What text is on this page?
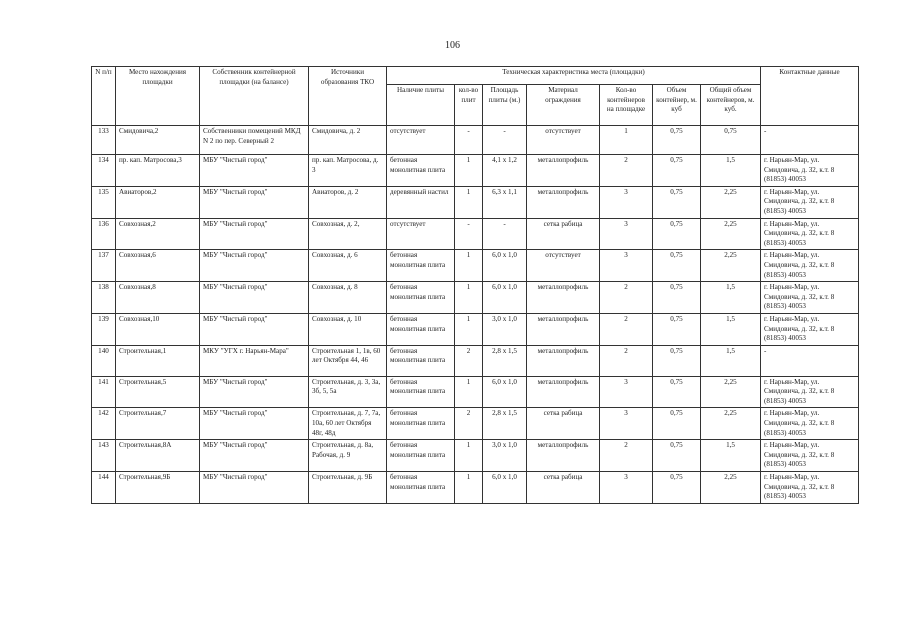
106
N п/п	Место нахождения площадки	Собственник контейнерной площадки (на балансе)	Источники образования ТКО	Техническая характеристика места (площадки)							Контактные данные
				Наличие плиты	кол-во плит	Площадь плиты (м.)	Материал ограждения	Кол-во контейнеров на площадке	Объем контейнер, м. куб	Общий объем контейнеров, м. куб.	
133	Смидовича,2	Собственники помещений МКД N 2 по пер. Северный 2	Смидовича, д. 2	отсутствует	-	-	отсутствует	1	0,75	0,75	-
134	пр. кап. Матросова,3	МБУ "Чистый город"	пр. кап. Матросова, д. 3	бетонная монолитная плита	1	4,1 x 1,2	металлопрофиль	2	0,75	1,5	г. Нарьян-Мар, ул. Смидовича, д. 32, к.т. 8 (81853) 40053
135	Авиаторов,2	МБУ "Чистый город"	Авиаторов, д. 2	деревянный настил	1	6,3 x 1,1	металлопрофиль	3	0,75	2,25	г. Нарьян-Мар, ул. Смидовича, д. 32, к.т. 8 (81853) 40053
136	Совхозная,2	МБУ "Чистый город"	Совхозная, д. 2,	отсутствует	-	-	сетка рабица	3	0,75	2,25	г. Нарьян-Мар, ул. Смидовича, д. 32, к.т. 8 (81853) 40053
137	Совхозная,6	МБУ "Чистый город"	Совхозная, д. 6	бетонная монолитная плита	1	6,0 x 1,0	отсутствует	3	0,75	2,25	г. Нарьян-Мар, ул. Смидовича, д. 32, к.т. 8 (81853) 40053
138	Совхозная,8	МБУ "Чистый город"	Совхозная, д. 8	бетонная монолитная плита	1	6,0 x 1,0	металлопрофиль	2	0,75	1,5	г. Нарьян-Мар, ул. Смидовича, д. 32, к.т. 8 (81853) 40053
139	Совхозная,10	МБУ "Чистый город"	Совхозная, д. 10	бетонная монолитная плита	1	3,0 x 1,0	металлопрофиль	2	0,75	1,5	г. Нарьян-Мар, ул. Смидовича, д. 32, к.т. 8 (81853) 40053
140	Строительная,1	МКУ "УГХ г. Нарьян-Мара"	Строительная 1, 1в, 60 лет Октября 44, 46	бетонная монолитная плита	2	2,8 x 1,5	металлопрофиль	2	0,75	1,5	-
141	Строительная,5	МБУ "Чистый город"	Строительная, д. 3, 3а, 3б, 5, 5а	бетонная монолитная плита	1	6,0 x 1,0	металлопрофиль	3	0,75	2,25	г. Нарьян-Мар, ул. Смидовича, д. 32, к.т. 8 (81853) 40053
142	Строительная,7	МБУ "Чистый город"	Строительная, д. 7, 7а, 10а, 60 лет Октября 48г, 48д	бетонная монолитная плита	2	2,8 x 1,5	сетка рабица	3	0,75	2,25	г. Нарьян-Мар, ул. Смидовича, д. 32, к.т. 8 (81853) 40053
143	Строительная,8А	МБУ "Чистый город"	Строительная, д. 8а, Рабочая, д. 9	бетонная монолитная плита	1	3,0 x 1,0	металлопрофиль	2	0,75	1,5	г. Нарьян-Мар, ул. Смидовича, д. 32, к.т. 8 (81853) 40053
144	Строительная,9Б	МБУ "Чистый город"	Строительная, д. 9Б	бетонная монолитная плита	1	6,0 x 1,0	сетка рабица	3	0,75	2,25	г. Нарьян-Мар, ул. Смидовича, д. 32, к.т. 8 (81853) 40053
